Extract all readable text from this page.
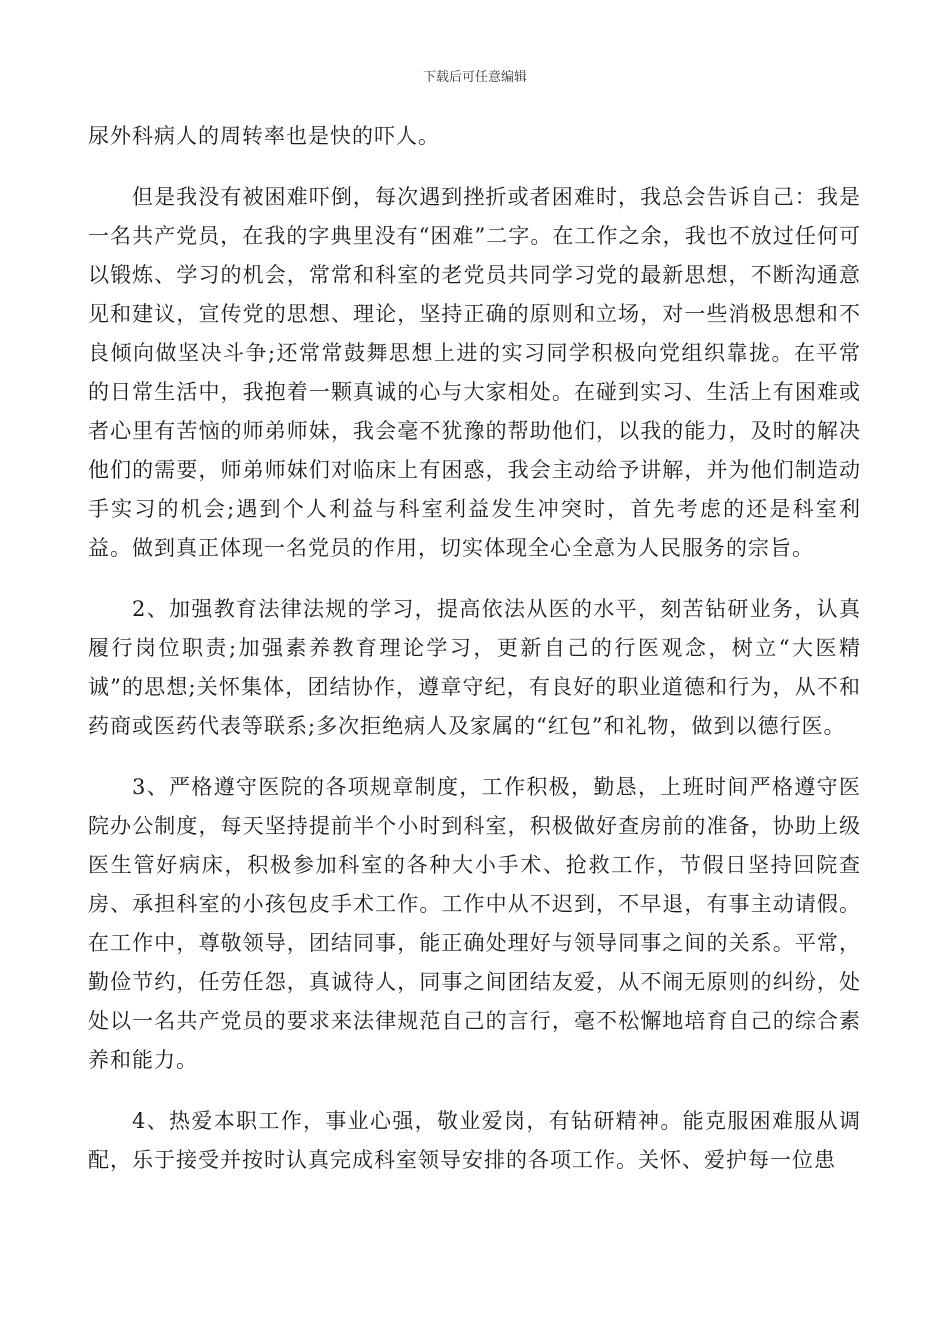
下载后可任意编辑

尿外科病人的周转率也是快的吓人。

但是我没有被困难吓倒，每次遇到挫折或者困难时，我总会告诉自己：我是一名共产党员，在我的字典里没有“困难”二字。在工作之余，我也不放过任何可以锻炼、学习的机会，常常和科室的老党员共同学习党的最新思想，不断沟通意见和建议，宣传党的思想、理论，坚持正确的原则和立场，对一些消极思想和不良倾向做坚决斗争;还常常鼓舞思想上进的实习同学积极向党组织靠拢。在平常的日常生活中，我抱着一颗真诚的心与大家相处。在碰到实习、生活上有困难或者心里有苦恼的师弟师妹，我会毫不犹豫的帮助他们，以我的能力，及时的解决他们的需要，师弟师妹们对临床上有困惑，我会主动给予讲解，并为他们制造动手实习的机会;遇到个人利益与科室利益发生冲突时，首先考虑的还是科室利益。做到真正体现一名党员的作用，切实体现全心全意为人民服务的宗旨。

2、加强教育法律法规的学习，提高依法从医的水平，刻苦钻研业务，认真履行岗位职责;加强素养教育理论学习，更新自己的行医观念，树立“大医精诚”的思想;关怀集体，团结协作，遵章守纪，有良好的职业道德和行为，从不和药商或医药代表等联系;多次拒绝病人及家属的“红包”和礼物，做到以德行医。

3、严格遵守医院的各项规章制度，工作积极，勤恳，上班时间严格遵守医院办公制度，每天坚持提前半个小时到科室，积极做好查房前的准备，协助上级医生管好病床，积极参加科室的各种大小手术、抢救工作，节假日坚持回院查房、承担科室的小孩包皮手术工作。工作中从不迟到，不早退，有事主动请假。在工作中，尊敬领导，团结同事，能正确处理好与领导同事之间的关系。平常，勤俭节约，任劳任怨，真诚待人，同事之间团结友爱，从不闹无原则的纠纷，处处以一名共产党员的要求来法律规范自己的言行，毫不松懈地培育自己的综合素养和能力。

4、热爱本职工作，事业心强，敬业爱岗，有钻研精神。能克服困难服从调配，乐于接受并按时认真完成科室领导安排的各项工作。关怀、爱护每一位患
